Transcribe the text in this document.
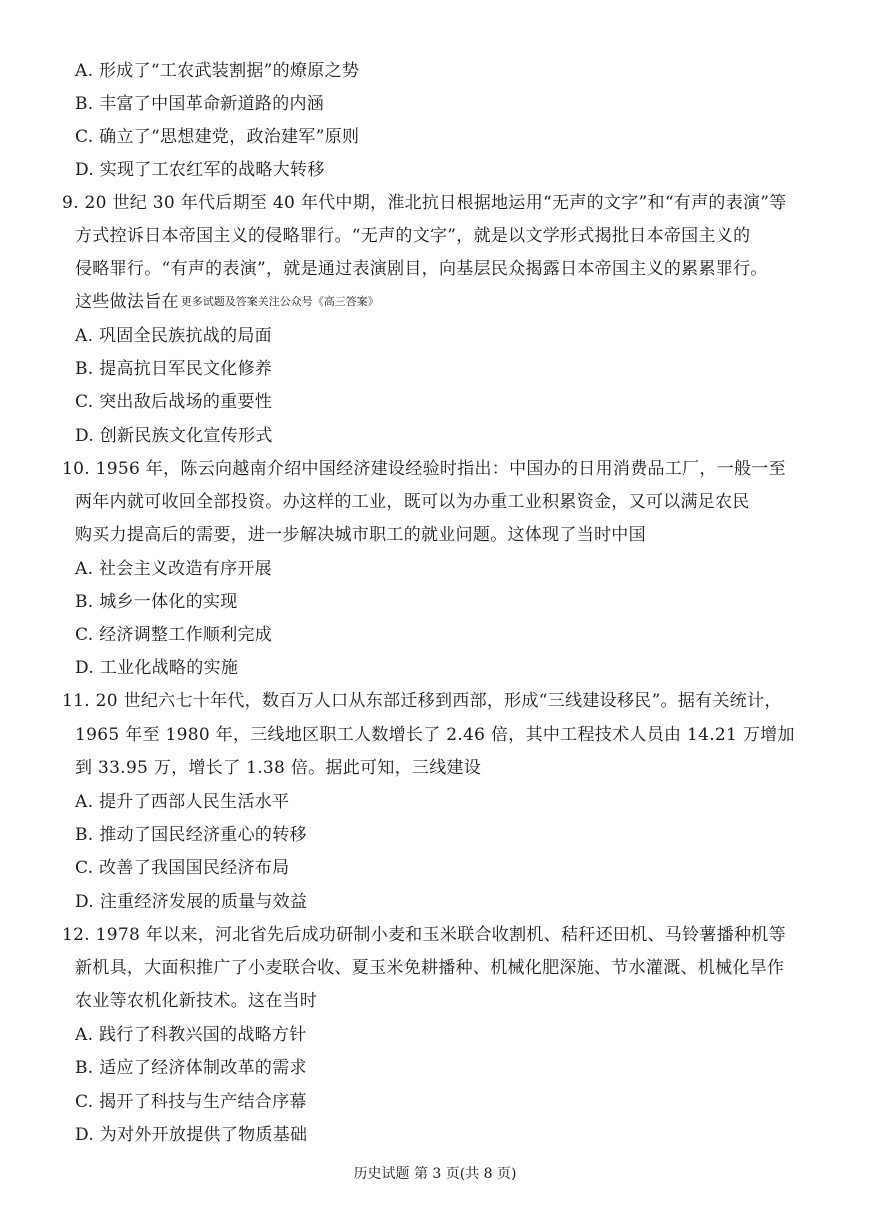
A. 形成了“工农武装割据”的燎原之势
B. 丰富了中国革命新道路的内涵
C. 确立了“思想建党，政治建军”原则
D. 实现了工农红军的战略大转移
9. 20 世纪 30 年代后期至 40 年代中期，淮北抗日根据地运用“无声的文字”和“有声的表演”等
方式控诉日本帝国主义的侵略罪行。“无声的文字”，就是以文学形式揭批日本帝国主义的
侵略罪行。“有声的表演”，就是通过表演剧目，向基层民众揭露日本帝国主义的累累罪行。
这些做法旨在 更多试题及答案关注公众号《高三答案》
A. 巩固全民族抗战的局面
B. 提高抗日军民文化修养
C. 突出敌后战场的重要性
D. 创新民族文化宣传形式
10. 1956 年，陈云向越南介绍中国经济建设经验时指出：中国办的日用消费品工厂，一般一至
两年内就可收回全部投资。办这样的工业，既可以为办重工业积累资金，又可以满足农民
购买力提高后的需要，进一步解决城市职工的就业问题。这体现了当时中国
A. 社会主义改造有序开展
B. 城乡一体化的实现
C. 经济调整工作顺利完成
D. 工业化战略的实施
11. 20 世纪六七十年代，数百万人口从东部迁移到西部，形成“三线建设移民”。据有关统计，
1965 年至 1980 年，三线地区职工人数增长了 2.46 倍，其中工程技术人员由 14.21 万增加
到 33.95 万，增长了 1.38 倍。据此可知，三线建设
A. 提升了西部人民生活水平
B. 推动了国民经济重心的转移
C. 改善了我国国民经济布局
D. 注重经济发展的质量与效益
12. 1978 年以来，河北省先后成功研制小麦和玉米联合收割机、秸秆还田机、马铃薯播种机等
新机具，大面积推广了小麦联合收、夏玉米免耕播种、机械化肥深施、节水灌溉、机械化旱作
农业等农机化新技术。这在当时
A. 践行了科教兴国的战略方针
B. 适应了经济体制改革的需求
C. 揭开了科技与生产结合序幕
D. 为对外开放提供了物质基础
历史试题 第 3 页(共 8 页)
